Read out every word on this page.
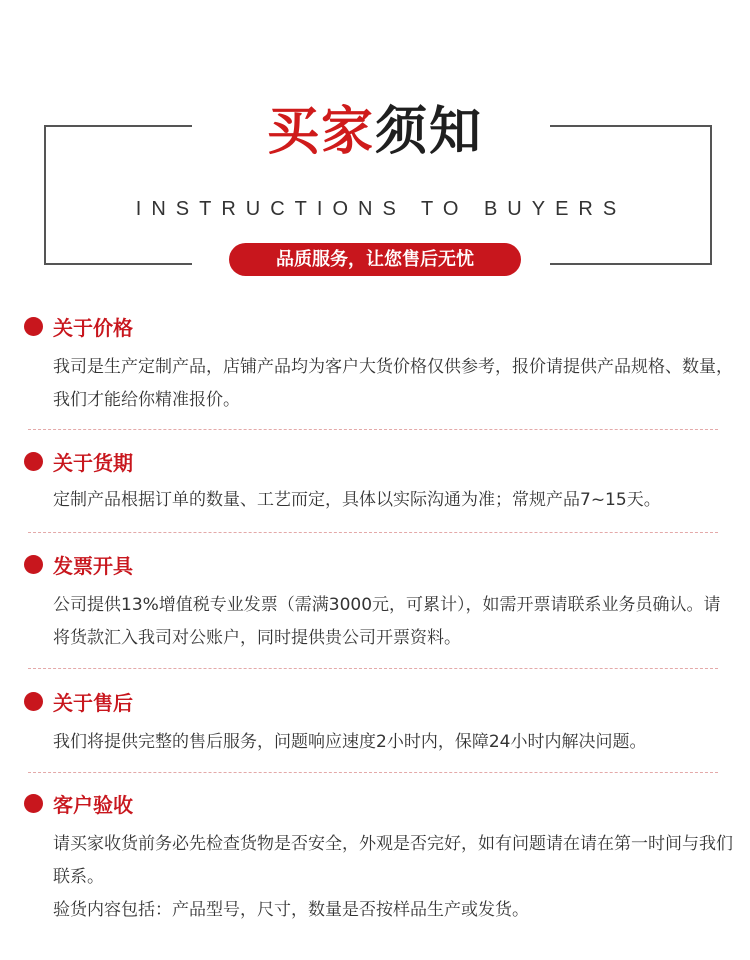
买家须知
INSTRUCTIONS TO BUYERS
品质服务，让您售后无忧
关于价格

我司是生产定制产品，店铺产品均为客户大货价格仅供参考，报价请提供产品规格、数量，我们才能给你精准报价。

关于货期

定制产品根据订单的数量、工艺而定，具体以实际沟通为准；常规产品7~15天。

发票开具

公司提供13%增值税专业发票（需满3000元，可累计），如需开票请联系业务员确认。请将货款汇入我司对公账户，同时提供贵公司开票资料。

关于售后

我们将提供完整的售后服务，问题响应速度2小时内，保障24小时内解决问题。

客户验收

请买家收货前务必先检查货物是否安全，外观是否完好，如有问题请在请在第一时间与我们联系。

验货内容包括：产品型号，尺寸，数量是否按样品生产或发货。
